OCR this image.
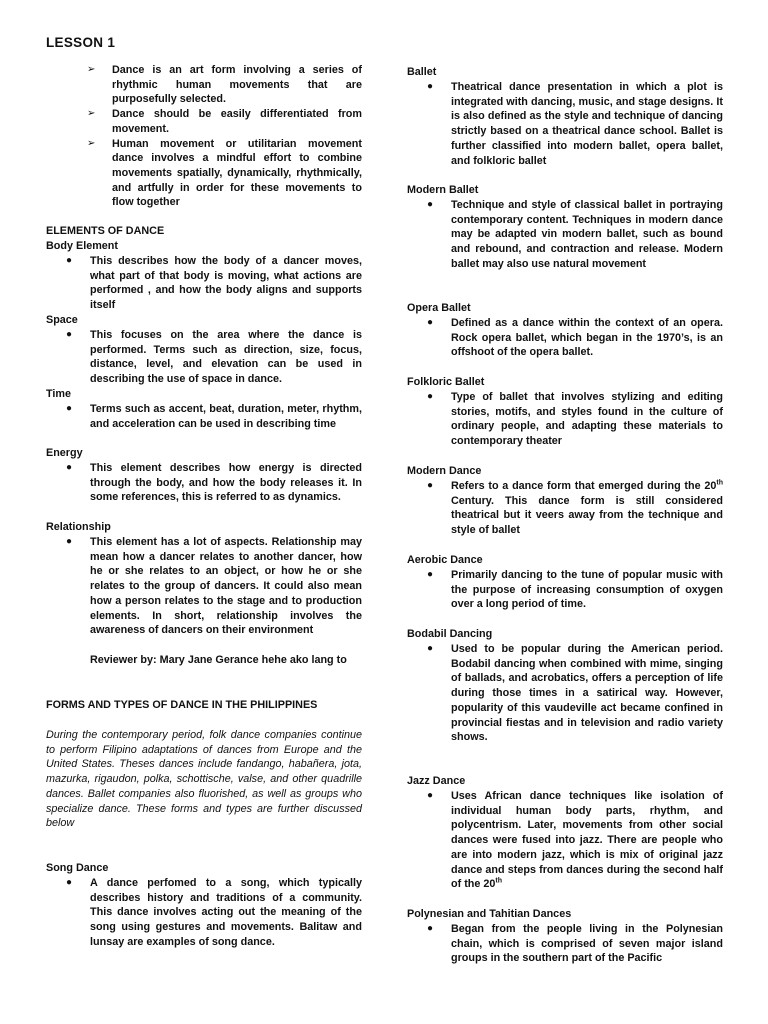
LESSON 1
➢ Dance is an art form involving a series of rhythmic human movements that are purposefully selected.
➢ Dance should be easily differentiated from movement.
➢ Human movement or utilitarian movement dance involves a mindful effort to combine movements spatially, dynamically, rhythmically, and artfully in order for these movements to flow together
ELEMENTS OF DANCE
Body Element
● This describes how the body of a dancer moves, what part of that body is moving, what actions are performed , and how the body aligns and supports itself
Space
● This focuses on the area where the dance is performed. Terms such as direction, size, focus, distance, level, and elevation can be used in describing the use of space in dance.
Time
● Terms such as accent, beat, duration, meter, rhythm, and acceleration can be used in describing time
Energy
● This element describes how energy is directed through the body, and how the body releases it. In some references, this is referred to as dynamics.
Relationship
● This element has a lot of aspects. Relationship may mean how a dancer relates to another dancer, how he or she relates to an object, or how he or she relates to the group of dancers. It could also mean how a person relates to the stage and to production elements. In short, relationship involves the awareness of dancers on their environment
Reviewer by: Mary Jane Gerance hehe ako lang to
FORMS AND TYPES OF DANCE IN THE PHILIPPINES
During the contemporary period, folk dance companies continue to perform Filipino adaptations of dances from Europe and the United States. Theses dances include fandango, habañera, jota, mazurka, rigaudon, polka, schottische, valse, and other quadrille dances. Ballet companies also fluorished, as well as groups who specialize dance. These forms and types are further discussed below
Song Dance
● A dance perfomed to a song, which typically describes history and traditions of a community. This dance involves acting out the meaning of the song using gestures and movements. Balitaw and lunsay are examples of song dance.
Ballet
● Theatrical dance presentation in which a plot is integrated with dancing, music, and stage designs. It is also defined as the style and technique of dancing strictly based on a theatrical dance school. Ballet is further classified into modern ballet, opera ballet, and folkloric ballet
Modern Ballet
● Technique and style of classical ballet in portraying contemporary content. Techniques in modern dance may be adapted vin modern ballet, such as bound and rebound, and contraction and release. Modern ballet may also use natural movement
Opera Ballet
● Defined as a dance within the context of an opera. Rock opera ballet, which began in the 1970’s, is an offshoot of the opera ballet.
Folkloric Ballet
● Type of ballet that involves stylizing and editing stories, motifs, and styles found in the culture of ordinary people, and adapting these materials to contemporary theater
Modern Dance
● Refers to a dance form that emerged during the 20th Century. This dance form is still considered theatrical but it veers away from the technique and style of ballet
Aerobic Dance
● Primarily dancing to the tune of popular music with the purpose of increasing consumption of oxygen over a long period of time.
Bodabil Dancing
● Used to be popular during the American period. Bodabil dancing when combined with mime, singing of ballads, and acrobatics, offers a perception of life during those times in a satirical way. However, popularity of this vaudeville act became confined in provincial fiestas and in television and radio variety shows.
Jazz Dance
● Uses African dance techniques like isolation of individual human body parts, rhythm, and polycentrism. Later, movements from other social dances were fused into jazz. There are people who are into modern jazz, which is mix of original jazz dance and steps from dances during the second half of the 20th
Polynesian and Tahitian Dances
● Began from the people living in the Polynesian chain, which is comprised of seven major island groups in the southern part of the Pacific
